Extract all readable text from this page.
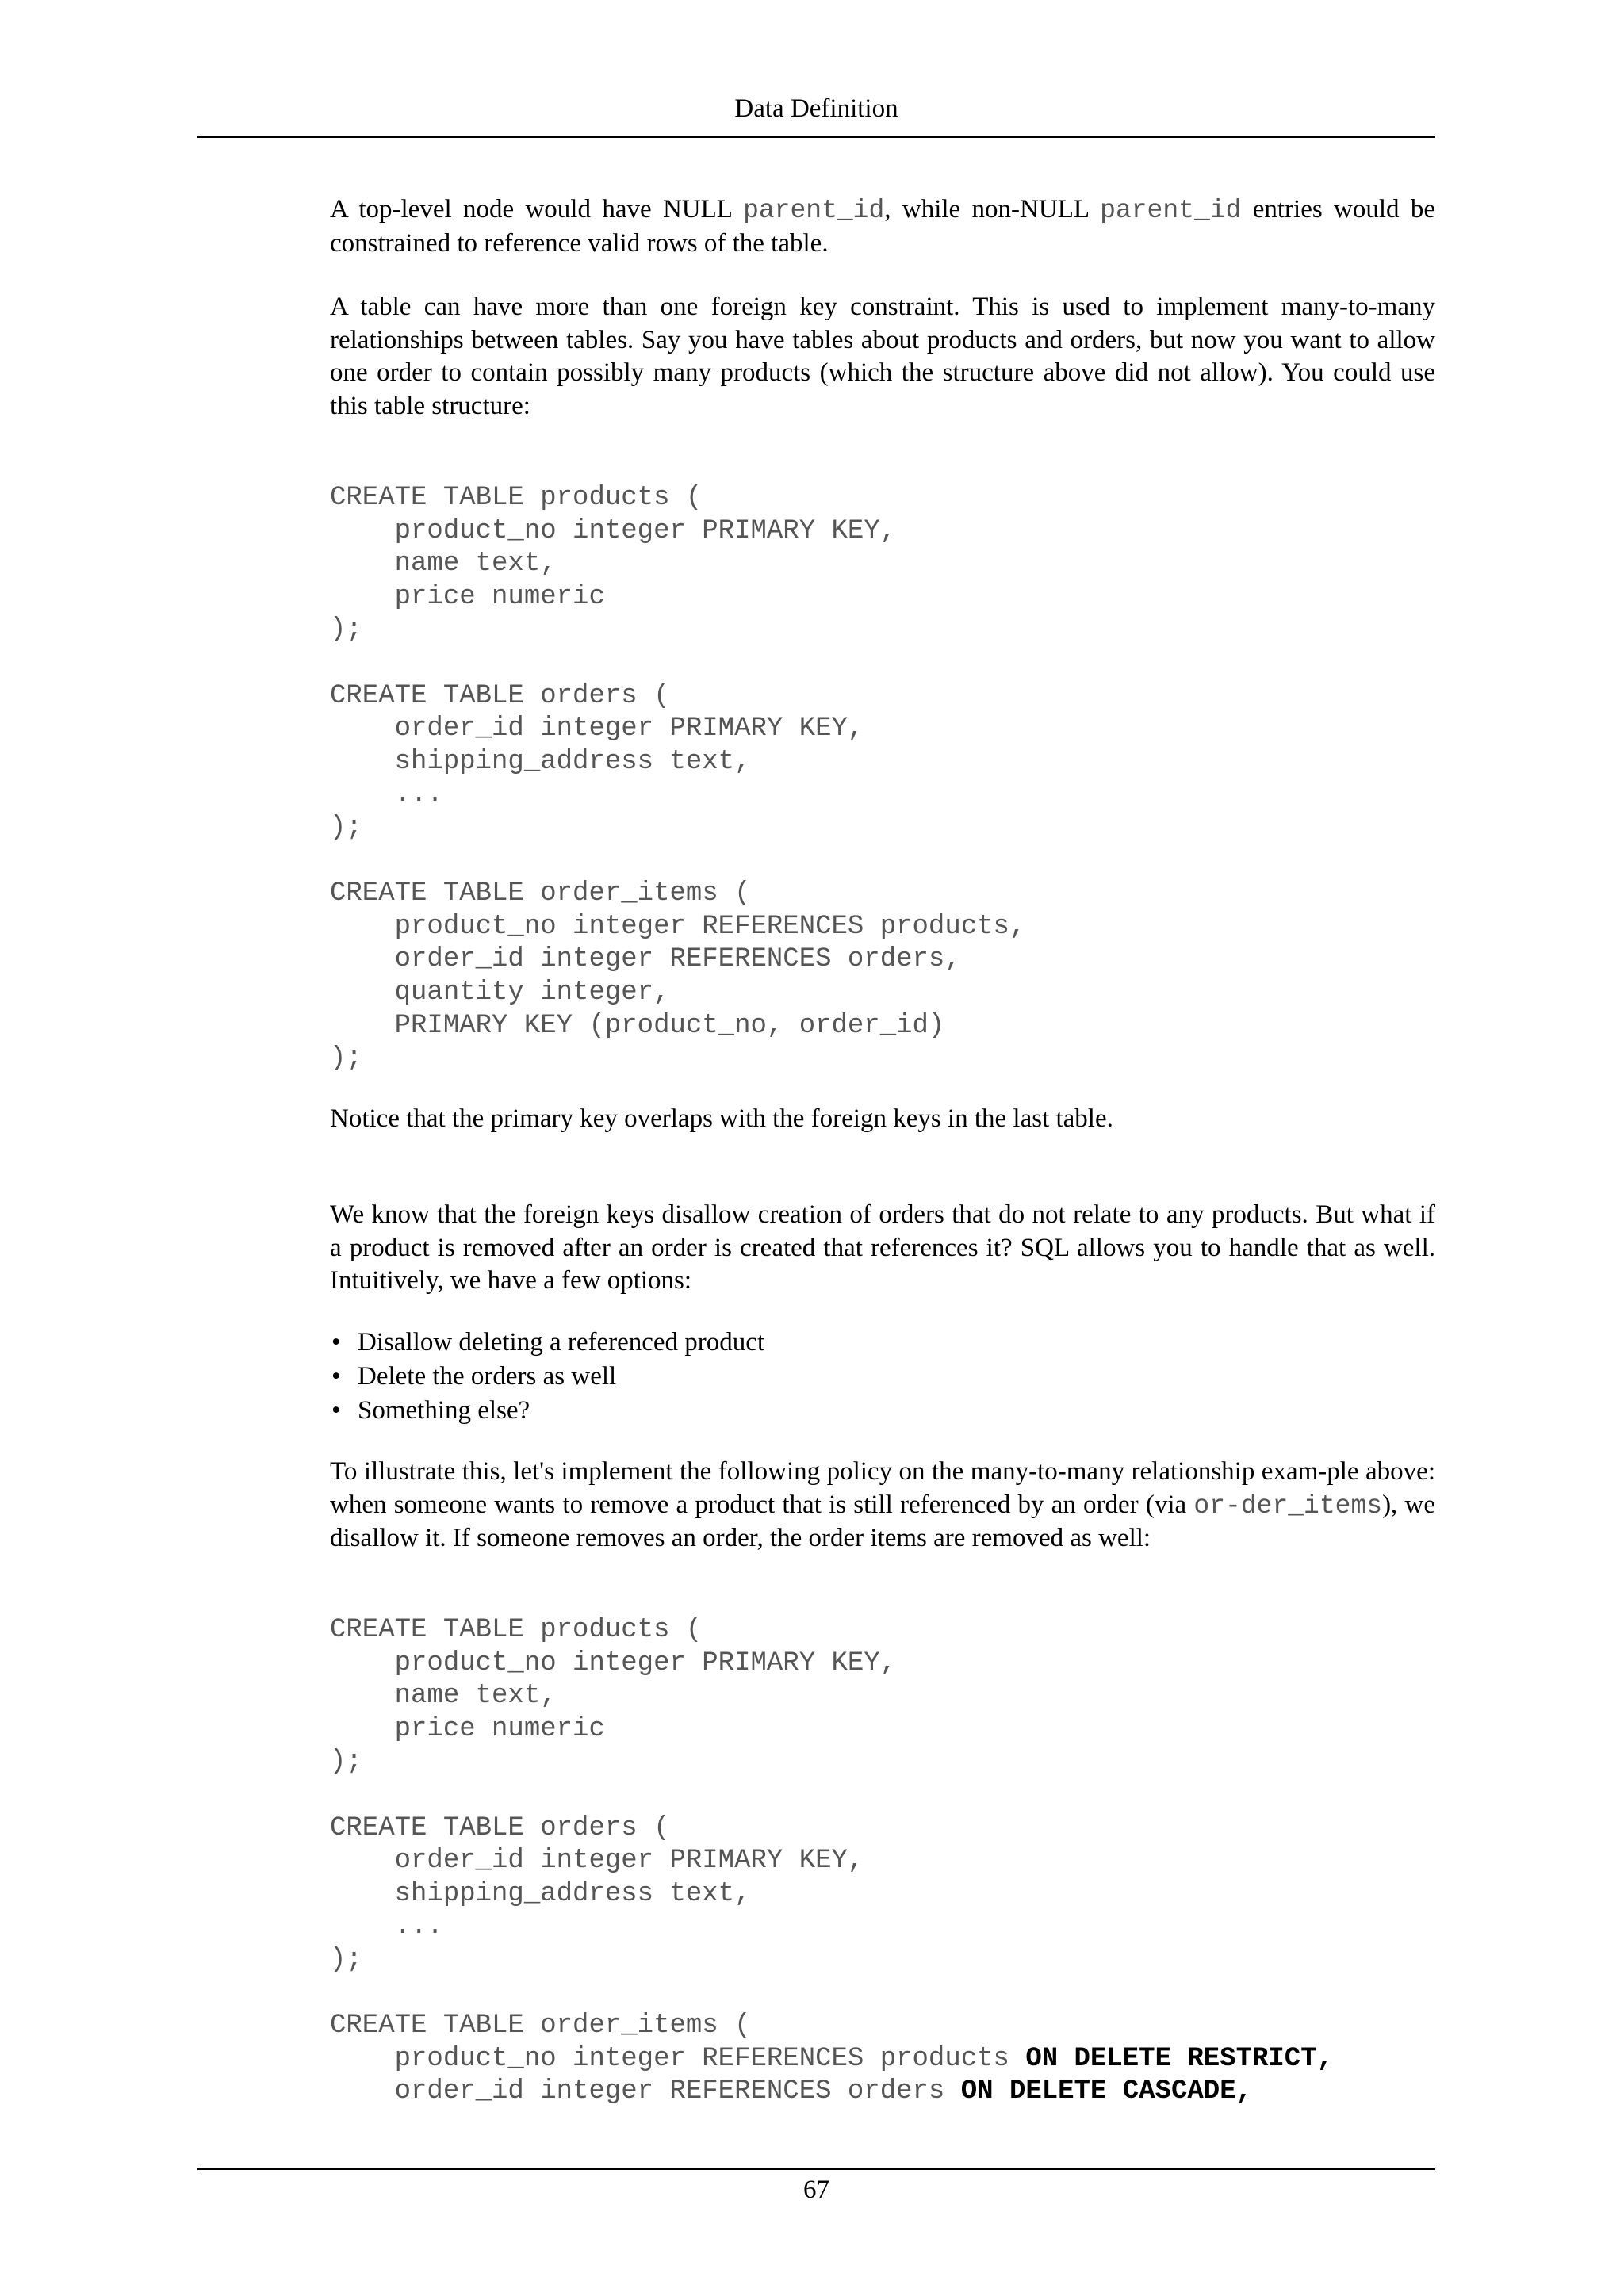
Data Definition

A top-level node would have NULL parent_id, while non-NULL parent_id entries would be constrained to reference valid rows of the table.

A table can have more than one foreign key constraint. This is used to implement many-to-many relationships between tables. Say you have tables about products and orders, but now you want to allow one order to contain possibly many products (which the structure above did not allow). You could use this table structure:

CREATE TABLE products (
product_no integer PRIMARY KEY,
name text,
price numeric
);

CREATE TABLE orders (
order_id integer PRIMARY KEY,
shipping_address text,
...
);

CREATE TABLE order_items (
product_no integer REFERENCES products,
order_id integer REFERENCES orders,
quantity integer,
PRIMARY KEY (product_no, order_id)
);

Notice that the primary key overlaps with the foreign keys in the last table.

We know that the foreign keys disallow creation of orders that do not relate to any products. But what if a product is removed after an order is created that references it? SQL allows you to handle that as well. Intuitively, we have a few options:

• Disallow deleting a referenced product
• Delete the orders as well
• Something else?

To illustrate this, let's implement the following policy on the many-to-many relationship exam-ple above: when someone wants to remove a product that is still referenced by an order (via or-der_items), we disallow it. If someone removes an order, the order items are removed as well:

CREATE TABLE products (
product_no integer PRIMARY KEY,
name text,
price numeric
);

CREATE TABLE orders (
order_id integer PRIMARY KEY,
shipping_address text,
...
);

CREATE TABLE order_items (
product_no integer REFERENCES products ON DELETE RESTRICT,
order_id integer REFERENCES orders ON DELETE CASCADE,
67
